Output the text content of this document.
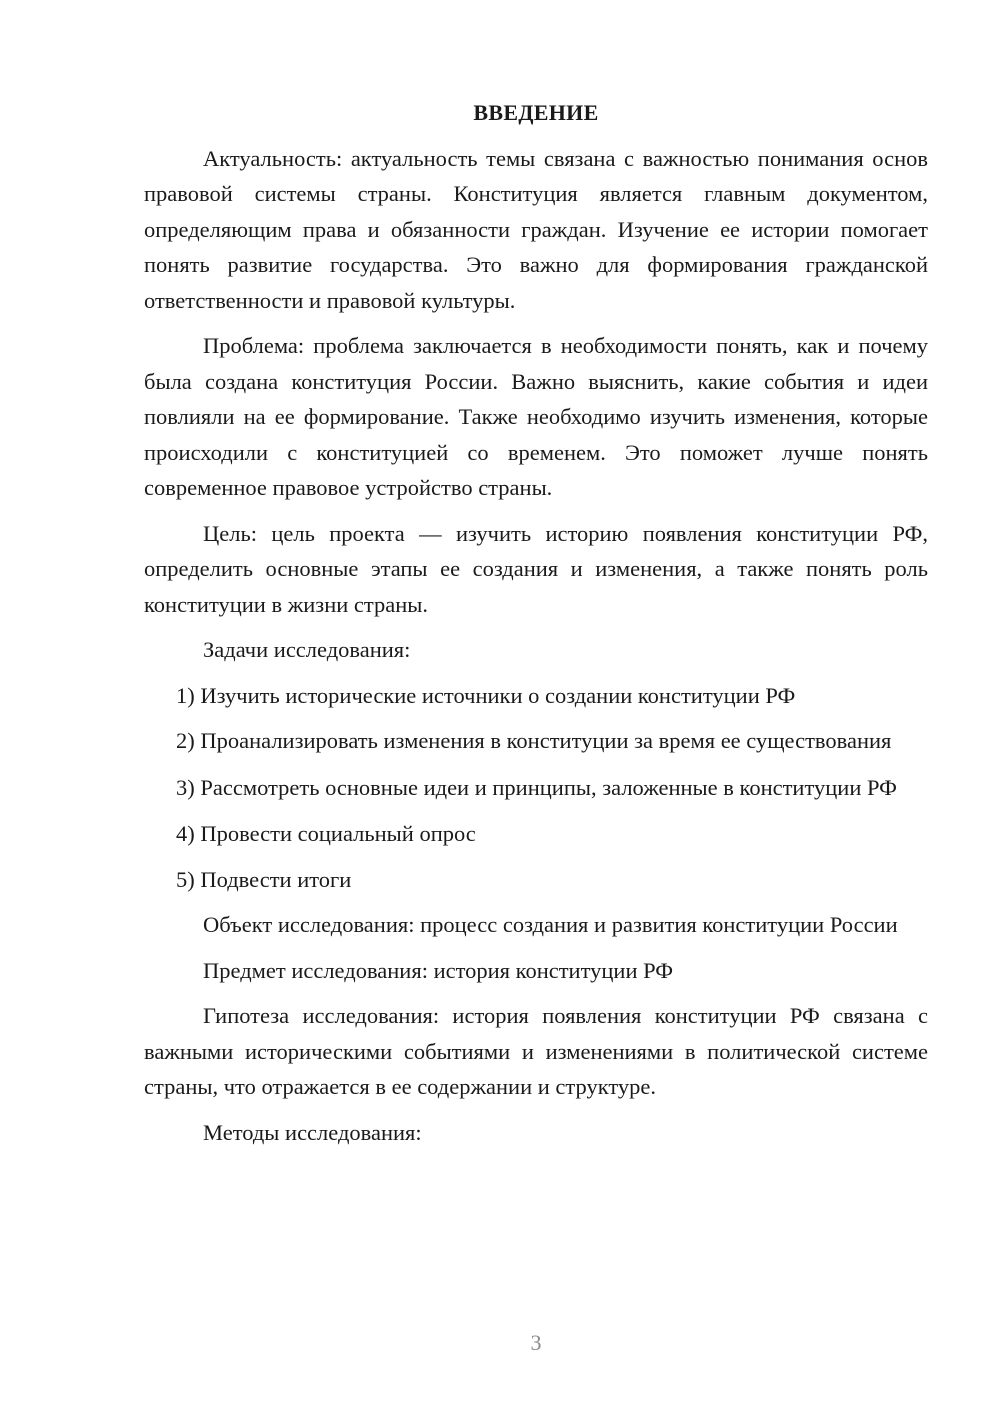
ВВЕДЕНИЕ

Актуальность: актуальность темы связана с важностью понимания основ правовой системы страны. Конституция является главным документом, определяющим права и обязанности граждан. Изучение ее истории помогает понять развитие государства. Это важно для формирования гражданской ответственности и правовой культуры.

Проблема: проблема заключается в необходимости понять, как и почему была создана конституция России. Важно выяснить, какие события и идеи повлияли на ее формирование. Также необходимо изучить изменения, которые происходили с конституцией со временем. Это поможет лучше понять современное правовое устройство страны.

Цель: цель проекта — изучить историю появления конституции РФ, определить основные этапы ее создания и изменения, а также понять роль конституции в жизни страны.

Задачи исследования:

1) Изучить исторические источники о создании конституции РФ

2) Проанализировать изменения в конституции за время ее существования

3) Рассмотреть основные идеи и принципы, заложенные в конституции РФ

4) Провести социальный опрос

5) Подвести итоги

Объект исследования: процесс создания и развития конституции России

Предмет исследования: история конституции РФ

Гипотеза исследования: история появления конституции РФ связана с важными историческими событиями и изменениями в политической системе страны, что отражается в ее содержании и структуре.

Методы исследования:

3
